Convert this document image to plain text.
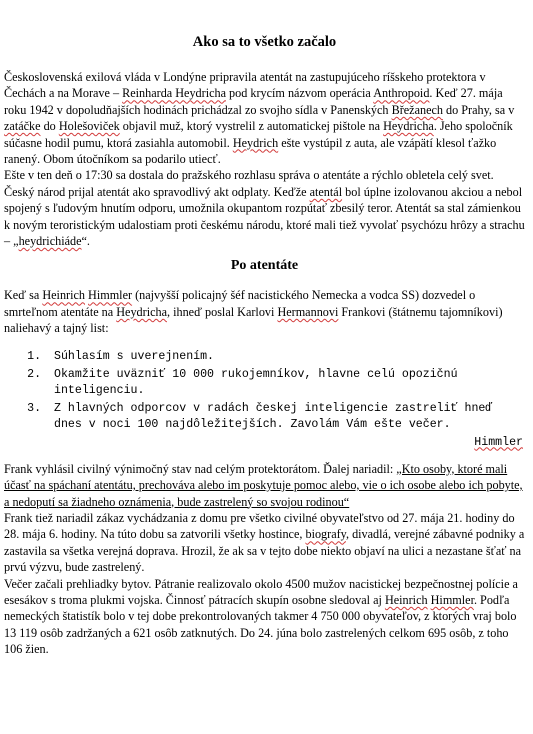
Ako sa to všetko začalo

Československá exilová vláda v Londýne pripravila atentát na zastupujúceho ríšskeho protektora v Čechách a na Morave – Reinharda Heydricha pod krycím názvom operácia Anthropoid. Keď 27. mája roku 1942 v dopoludňajších hodinách prichádzal zo svojho sídla v Panenských Břežanech do Prahy, sa v zatáčke do Holešoviček objavil muž, ktorý vystrelil z automatickej pištole na Heydricha. Jeho spoločník súčasne hodil pumu, ktorá zasiahla automobil. Heydrich ešte vystúpil z auta, ale vzápätí klesol ťažko ranený. Obom útočníkom sa podarilo utiecť.

Ešte v ten deň o 17:30 sa dostala do pražského rozhlasu správa o atentáte a rýchlo obletela celý svet. Český národ prijal atentát ako spravodlivý akt odplaty. Keďže atentál bol úplne izolovanou akciou a nebol spojený s ľudovým hnutím odporu, umožnila okupantom rozpútať zbesilý teror. Atentát sa stal zámienkou k novým teroristickým udalostiam proti českému národu, ktoré mali tiež vyvolať psychózu hrôzy a strachu – „heydrichiáde“.

Po atentáte

Keď sa Heinrich Himmler (najvyšší policajný šéf nacistického Nemecka a vodca SS) dozvedel o smrteľnom atentáte na Heydricha, ihneď poslal Karlovi Hermannovi Frankovi (štátnemu tajomníkovi) naliehavý a tajný list:

1. Súhlasím s uverejnením.
2. Okamžite uväzniť 10 000 rukojemníkov, hlavne celú opozičnú inteligenciu.
3. Z hlavných odporcov v radách českej inteligencie zastreliť hneď dnes v noci 100 najdôležitejších. Zavolám Vám ešte večer.
Himmler

Frank vyhlásil civilný výnimočný stav nad celým protektorátom. Ďalej nariadil: „Kto osoby, ktoré mali účasť na spáchaní atentátu, prechováva alebo im poskytuje pomoc alebo, vie o ich osobe alebo ich pobyte, a nedoputí sa žiadneho oznámenia, bude zastrelený so svojou rodinou“

Frank tiež nariadil zákaz vychádzania z domu pre všetko civilné obyvateľstvo od 27. mája 21. hodiny do 28. mája 6. hodiny. Na túto dobu sa zatvorili všetky hostince, biografy, divadlá, verejné zábavné podniky a zastavila sa všetka verejná doprava. Hrozil, že ak sa v tejto dobe niekto objaví na ulici a nezastane šťať na prvú výzvu, bude zastrelený.

Večer začali prehliadky bytov. Pátranie realizovalo okolo 4500 mužov nacistickej bezpečnostnej polície a esesákov s troma plukmi vojska. Činnosť pátracích skupín osobne sledoval aj Heinrich Himmler. Podľa nemeckých štatistík bolo v tej dobe prekontrolovaných takmer 4 750 000 obyvateľov, z ktorých vraj bolo 13 119 osôb zadržaných a 621 osôb zatknutých. Do 24. júna bolo zastrelených celkom 695 osôb, z toho 106 žien.
